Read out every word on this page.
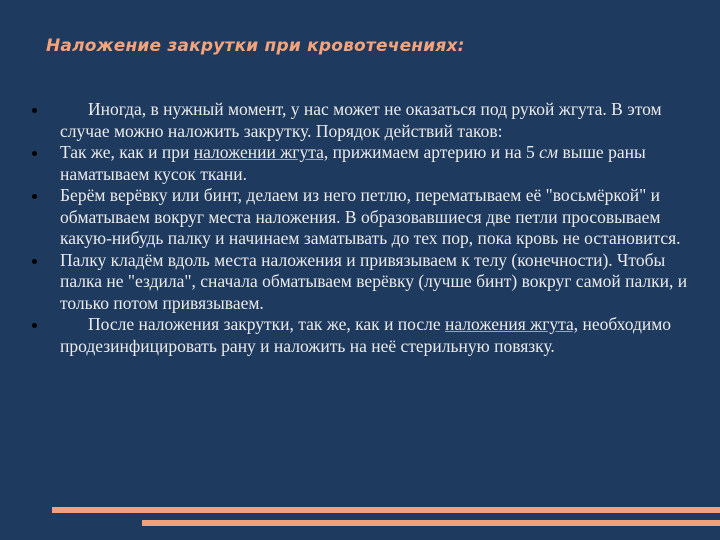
Наложение закрутки при кровотечениях:
Иногда, в нужный момент, у нас может не оказаться под рукой жгута. В этом случае можно наложить закрутку. Порядок действий таков:
Так же, как и при наложении жгута, прижимаем артерию и на 5 см выше раны наматываем кусок ткани.
Берём верёвку или бинт, делаем из него петлю, перематываем её "восьмёркой" и обматываем вокруг места наложения. В образовавшиеся две петли просовываем какую-нибудь палку и начинаем заматывать до тех пор, пока кровь не остановится.
Палку кладём вдоль места наложения и привязываем к телу (конечности). Чтобы палка не "ездила", сначала обматываем верёвку (лучше бинт) вокруг самой палки, и только потом привязываем.
После наложения закрутки, так же, как и после наложения жгута, необходимо продезинфицировать рану и наложить на неё стерильную повязку.
